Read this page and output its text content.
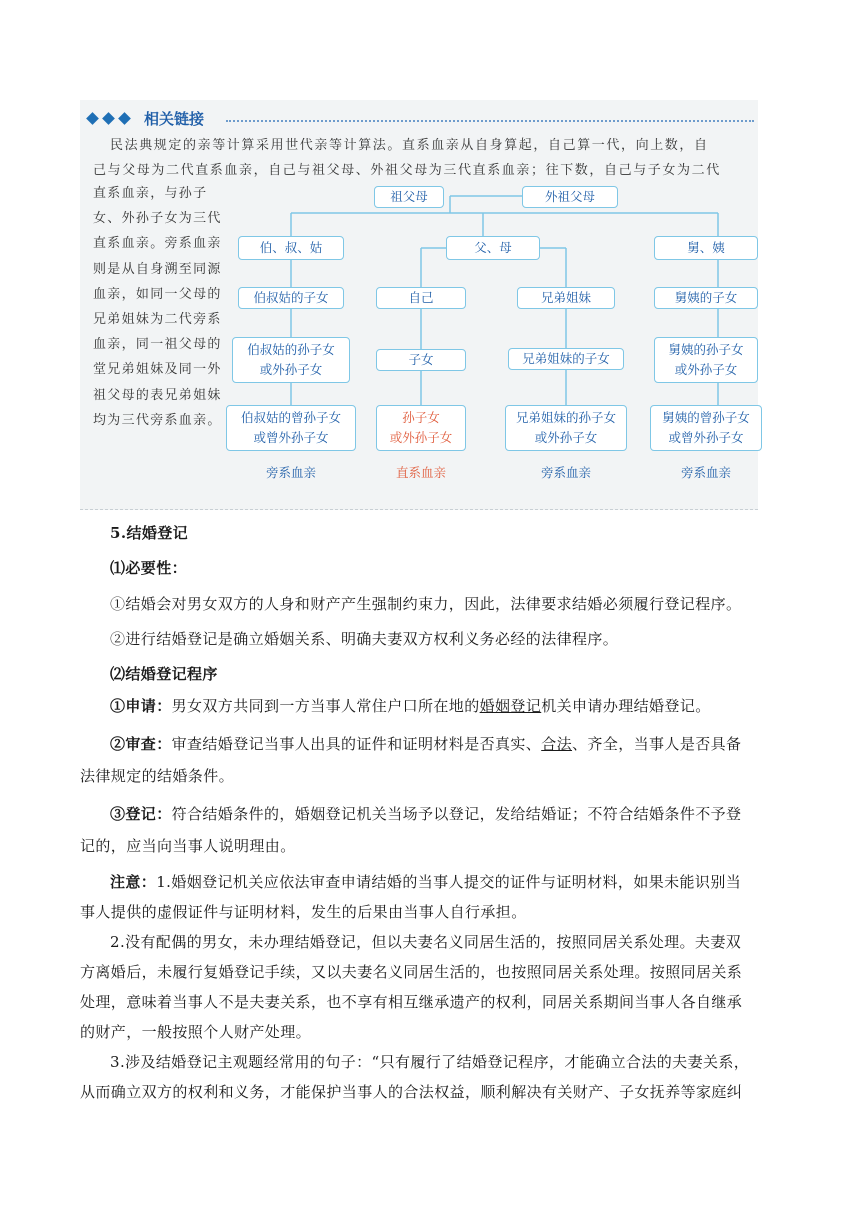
相关链接
民法典规定的亲等计算采用世代亲等计算法。直系血亲从自身算起，自己算一代，向上数，自
己与父母为二代直系血亲，自己与祖父母、外祖父母为三代直系血亲；往下数，自己与子女为二代
直系血亲，与孙子女、外孙子女为三代直系血亲。旁系血亲则是从自身溯至同源血亲，如同一父母的兄弟姐妹为二代旁系血亲，同一祖父母的堂兄弟姐妹及同一外祖父母的表兄弟姐妹均为三代旁系血亲。
祖父母	外祖父母
伯、叔、姑	父、母	舅、姨
伯叔姑的子女	自己	兄弟姐妹	舅姨的子女
伯叔姑的孙子女
或外孙子女
子女	兄弟姐妹的子女
舅姨的孙子女
或外孙子女
伯叔姑的曾孙子女
或曾外孙子女
孙子女
或外孙子女
兄弟姐妹的孙子女
或外孙子女
舅姨的曾孙子女
或曾外孙子女
旁系血亲	直系血亲	旁系血亲	旁系血亲
5.结婚登记
⑴必要性：
①结婚会对男女双方的人身和财产产生强制约束力，因此，法律要求结婚必须履行登记程序。
②进行结婚登记是确立婚姻关系、明确夫妻双方权利义务必经的法律程序。
⑵结婚登记程序
①申请：男女双方共同到一方当事人常住户口所在地的婚姻登记机关申请办理结婚登记。
②审查：审查结婚登记当事人出具的证件和证明材料是否真实、合法、齐全，当事人是否具备
法律规定的结婚条件。
③登记：符合结婚条件的，婚姻登记机关当场予以登记，发给结婚证；不符合结婚条件不予登
记的，应当向当事人说明理由。
注意：1.婚姻登记机关应依法审查申请结婚的当事人提交的证件与证明材料，如果未能识别当
事人提供的虚假证件与证明材料，发生的后果由当事人自行承担。
2.没有配偶的男女，未办理结婚登记，但以夫妻名义同居生活的，按照同居关系处理。夫妻双
方离婚后，未履行复婚登记手续，又以夫妻名义同居生活的，也按照同居关系处理。按照同居关系
处理，意味着当事人不是夫妻关系，也不享有相互继承遗产的权利，同居关系期间当事人各自继承
的财产，一般按照个人财产处理。
3.涉及结婚登记主观题经常用的句子：“只有履行了结婚登记程序，才能确立合法的夫妻关系，
从而确立双方的权利和义务，才能保护当事人的合法权益，顺利解决有关财产、子女抚养等家庭纠
